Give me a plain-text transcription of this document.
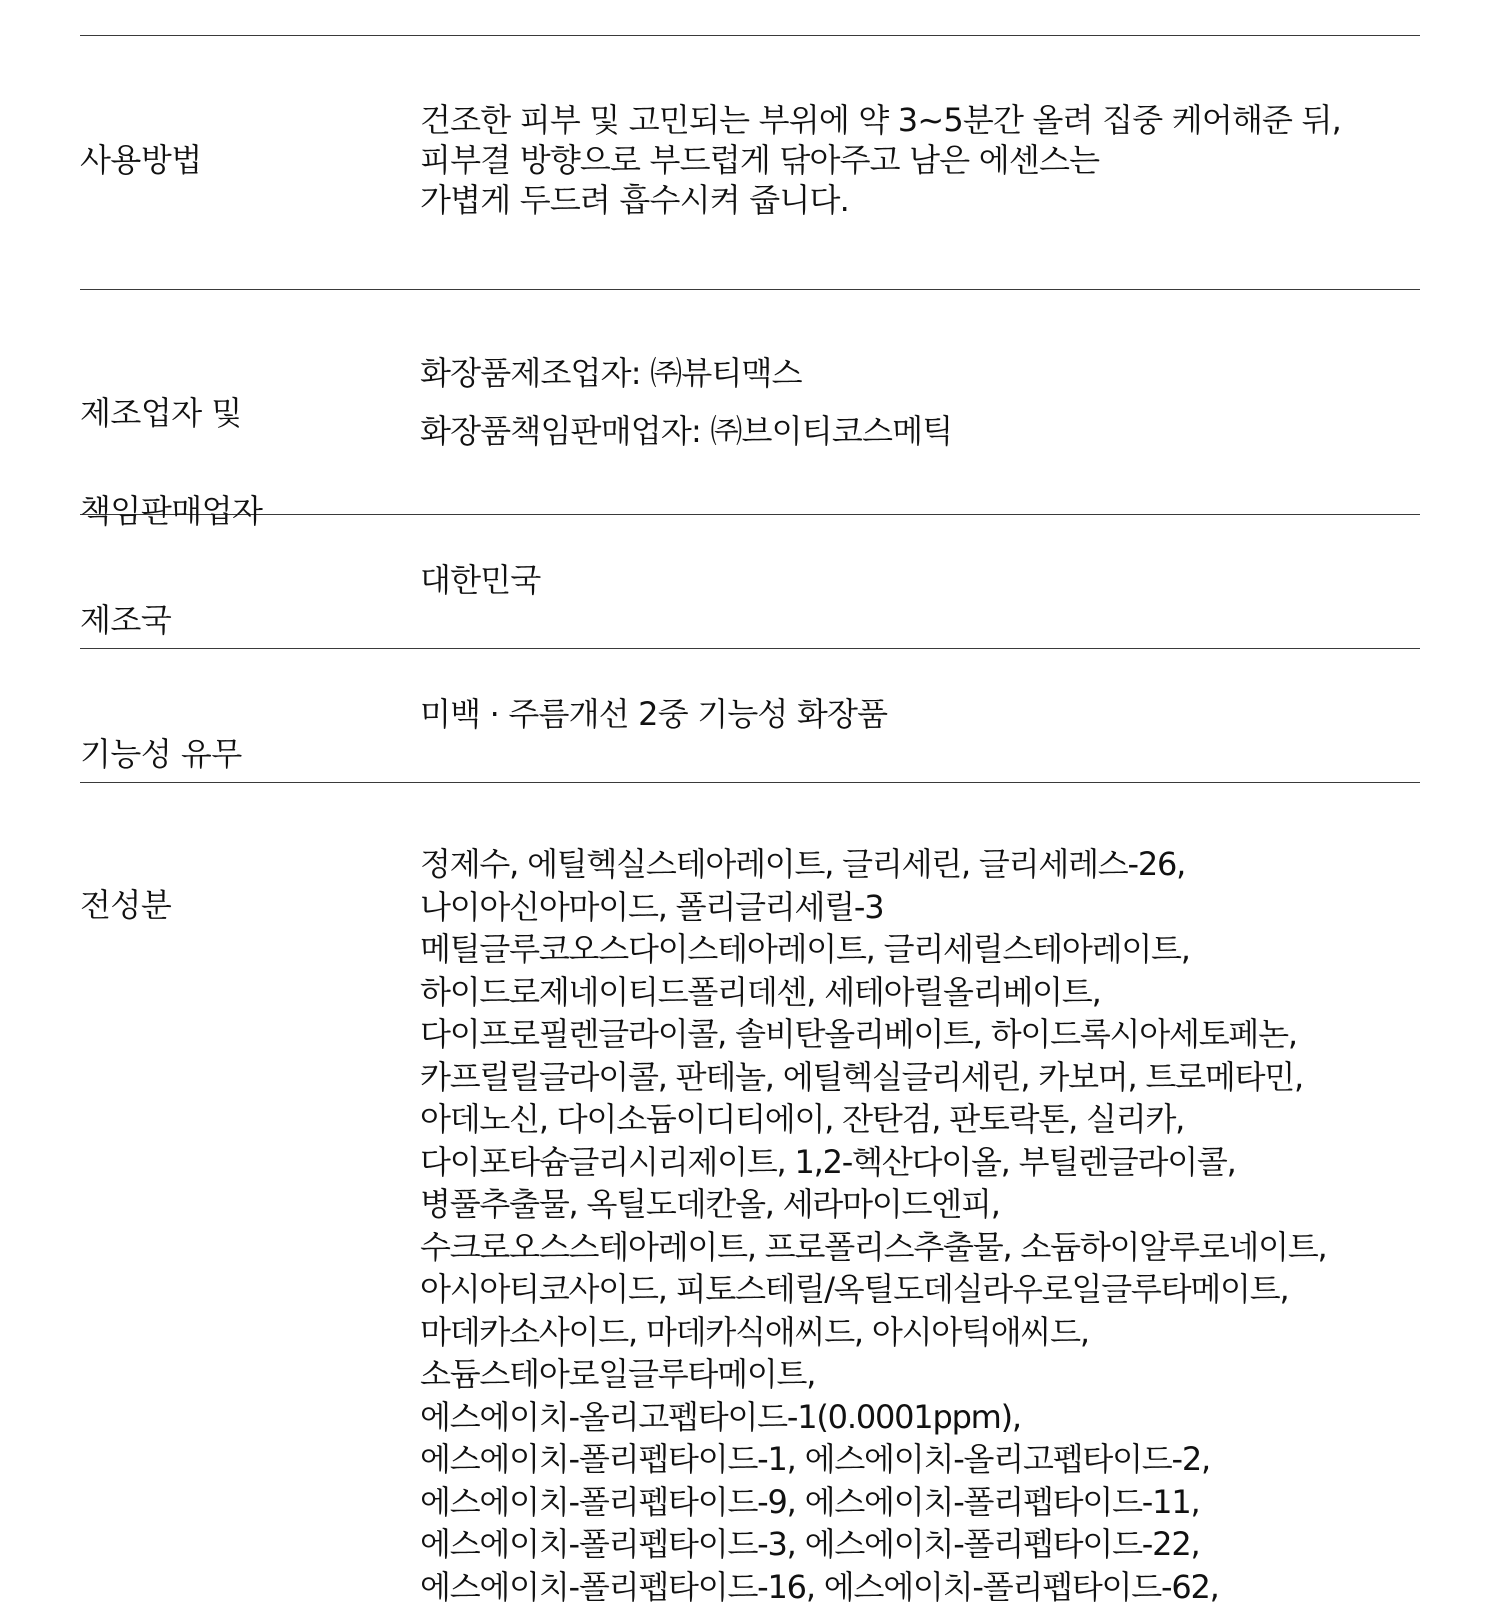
사용방법

건조한 피부 및 고민되는 부위에 약 3~5분간 올려 집중 케어해준 뒤,
피부결 방향으로 부드럽게 닦아주고 남은 에센스는
가볍게 두드려 흡수시켜 줍니다.

제조업자 및

책임판매업자

화장품제조업자: ㈜뷰티맥스
화장품책임판매업자: ㈜브이티코스메틱

제조국

대한민국

기능성 유무

미백 · 주름개선 2중 기능성 화장품

전성분

정제수, 에틸헥실스테아레이트, 글리세린, 글리세레스-26,
나이아신아마이드, 폴리글리세릴-3
메틸글루코오스다이스테아레이트, 글리세릴스테아레이트,
하이드로제네이티드폴리데센, 세테아릴올리베이트,
다이프로필렌글라이콜, 솔비탄올리베이트, 하이드록시아세토페논,
카프릴릴글라이콜, 판테놀, 에틸헥실글리세린, 카보머, 트로메타민,
아데노신, 다이소듐이디티에이, 잔탄검, 판토락톤, 실리카,
다이포타슘글리시리제이트, 1,2-헥산다이올, 부틸렌글라이콜,
병풀추출물, 옥틸도데칸올, 세라마이드엔피,
수크로오스스테아레이트, 프로폴리스추출물, 소듐하이알루로네이트,
아시아티코사이드, 피토스테릴/옥틸도데실라우로일글루타메이트,
마데카소사이드, 마데카식애씨드, 아시아틱애씨드,
소듐스테아로일글루타메이트,
에스에이치-올리고펩타이드-1(0.0001ppm),
에스에이치-폴리펩타이드-1, 에스에이치-올리고펩타이드-2,
에스에이치-폴리펩타이드-9, 에스에이치-폴리펩타이드-11,
에스에이치-폴리펩타이드-3, 에스에이치-폴리펩타이드-22,
에스에이치-폴리펩타이드-16, 에스에이치-폴리펩타이드-62,
